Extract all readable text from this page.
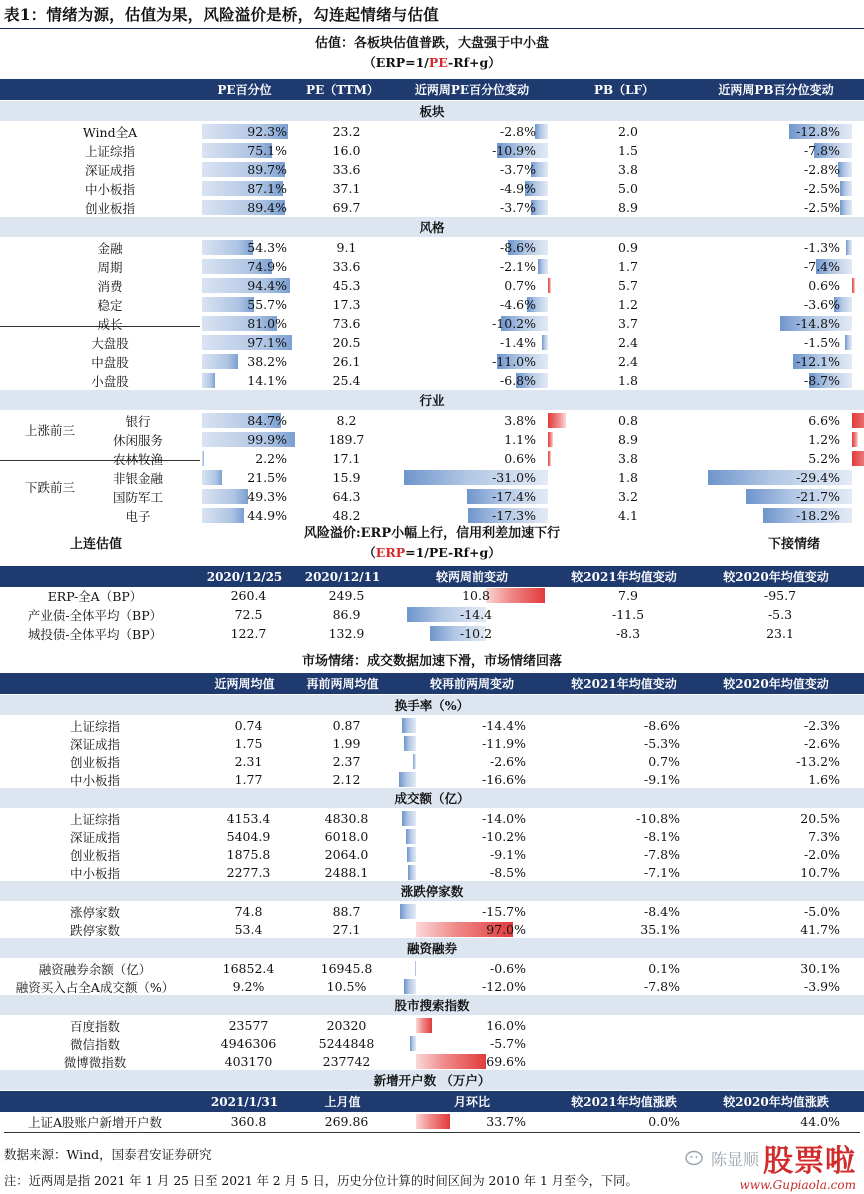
表1：情绪为源，估值为果，风险溢价是桥，勾连起情绪与估值
估值：各板块估值普跌，大盘强于中小盘
（ERP=1/PE-Rf+g）
PE百分位	PE（TTM）	近两周PE百分位变动	PB（LF）	近两周PB百分位变动
板块
Wind全A	92.3%	23.2	-2.8%	2.0	-12.8%
上证综指	75.1%	16.0	-10.9%	1.5	-7.8%
深证成指	89.7%	33.6	-3.7%	3.8	-2.8%
中小板指	87.1%	37.1	-4.9%	5.0	-2.5%
创业板指	89.4%	69.7	-3.7%	8.9	-2.5%
风格
金融	54.3%	9.1	-8.6%	0.9	-1.3%
周期	74.9%	33.6	-2.1%	1.7	-7.4%
消费	94.4%	45.3	0.7%	5.7	0.6%
稳定	55.7%	17.3	-4.6%	1.2	-3.6%
成长	81.0%	73.6	-10.2%	3.7	-14.8%
大盘股	97.1%	20.5	-1.4%	2.4	-1.5%
中盘股	38.2%	26.1	-11.0%	2.4	-12.1%
小盘股	14.1%	25.4	-6.8%	1.8	-8.7%
行业
上涨前三
银行	84.7%	8.2	3.8%	0.8	6.6%
休闲服务	99.9%	189.7	1.1%	8.9	1.2%
农林牧渔	2.2%	17.1	0.6%	3.8	5.2%
下跌前三
非银金融	21.5%	15.9	-31.0%	1.8	-29.4%
国防军工	49.3%	64.3	-17.4%	3.2	-21.7%
电子	44.9%	48.2	-17.3%	4.1	-18.2%
上连估值	下接情绪
风险溢价:ERP小幅上行，信用利差加速下行
（ERP=1/PE-Rf+g）
2020/12/25	2020/12/11	较两周前变动	较2021年均值变动	较2020年均值变动
ERP-全A（BP）	260.4	249.5	10.8	7.9	-95.7
产业债-全体平均（BP）	72.5	86.9	-14.4	-11.5	-5.3
城投债-全体平均（BP）	122.7	132.9	-10.2	-8.3	23.1
市场情绪：成交数据加速下滑，市场情绪回落
近两周均值	再前两周均值	较再前两周变动	较2021年均值变动	较2020年均值变动
换手率（%）
上证综指	0.74	0.87	-14.4%	-8.6%	-2.3%
深证成指	1.75	1.99	-11.9%	-5.3%	-2.6%
创业板指	2.31	2.37	-2.6%	0.7%	-13.2%
中小板指	1.77	2.12	-16.6%	-9.1%	1.6%
成交额（亿）
上证综指	4153.4	4830.8	-14.0%	-10.8%	20.5%
深证成指	5404.9	6018.0	-10.2%	-8.1%	7.3%
创业板指	1875.8	2064.0	-9.1%	-7.8%	-2.0%
中小板指	2277.3	2488.1	-8.5%	-7.1%	10.7%
涨跌停家数
涨停家数	74.8	88.7	-15.7%	-8.4%	-5.0%
跌停家数	53.4	27.1	97.0%	35.1%	41.7%
融资融券
融资融券余额（亿）	16852.4	16945.8	-0.6%	0.1%	30.1%
融资买入占全A成交额（%）	9.2%	10.5%	-12.0%	-7.8%	-3.9%
股市搜索指数
百度指数	23577	20320	16.0%
微信指数	4946306	5244848	-5.7%
微博微指数	403170	237742	69.6%
新增开户数 （万户）
2021/1/31	上月值	月环比	较2021年均值涨跌	较2020年均值涨跌
上证A股账户新增开户数	360.8	269.86	33.7%	0.0%	44.0%
数据来源：Wind，国泰君安证券研究
注：近两周是指 2021 年 1 月 25 日至 2021 年 2 月 5 日，历史分位计算的时间区间为 2010 年 1 月至今，下同。
陈显顺 股票啦
www.Gupiaola.com
